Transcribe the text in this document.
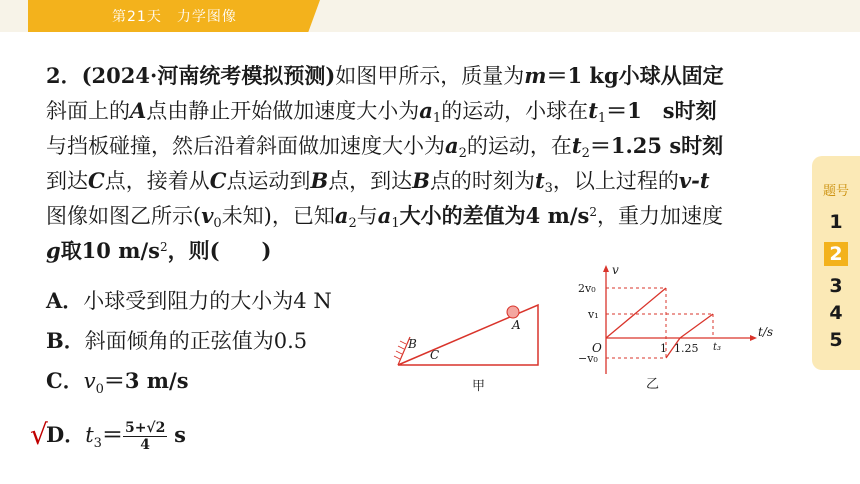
第21天　力学图像
2．(2024·河南统考模拟预测)如图甲所示，质量为m＝1 kg小球从固定
斜面上的A点由静止开始做加速度大小为$a_1$的运动，小球在$t_1=1$　s时刻
与挡板碰撞，然后沿着斜面做加速度大小为$a_2$的运动，在$t_2=1.25$ s时刻
到达C点，接着从C点运动到B点，到达B点的时刻为$t_3$，以上过程的v-t
图像如图乙所示($v_0$未知)，已知$a_2$与$a_1$大小的差值为4 $m/s^2$，重力加速度
g取10 $m/s^2$，则(　　)
A．小球受到阻力的大小为4 N
B．斜面倾角的正弦值为0.5
C．$v_0=3$ m/s
D．$t_3= \frac{5+√2}{4}$ s
√
B
C
A
甲
v
t/s
O
2v₀
v₁
−v₀
1 1.25 t₃
乙
题号
1
2
3
4
5
